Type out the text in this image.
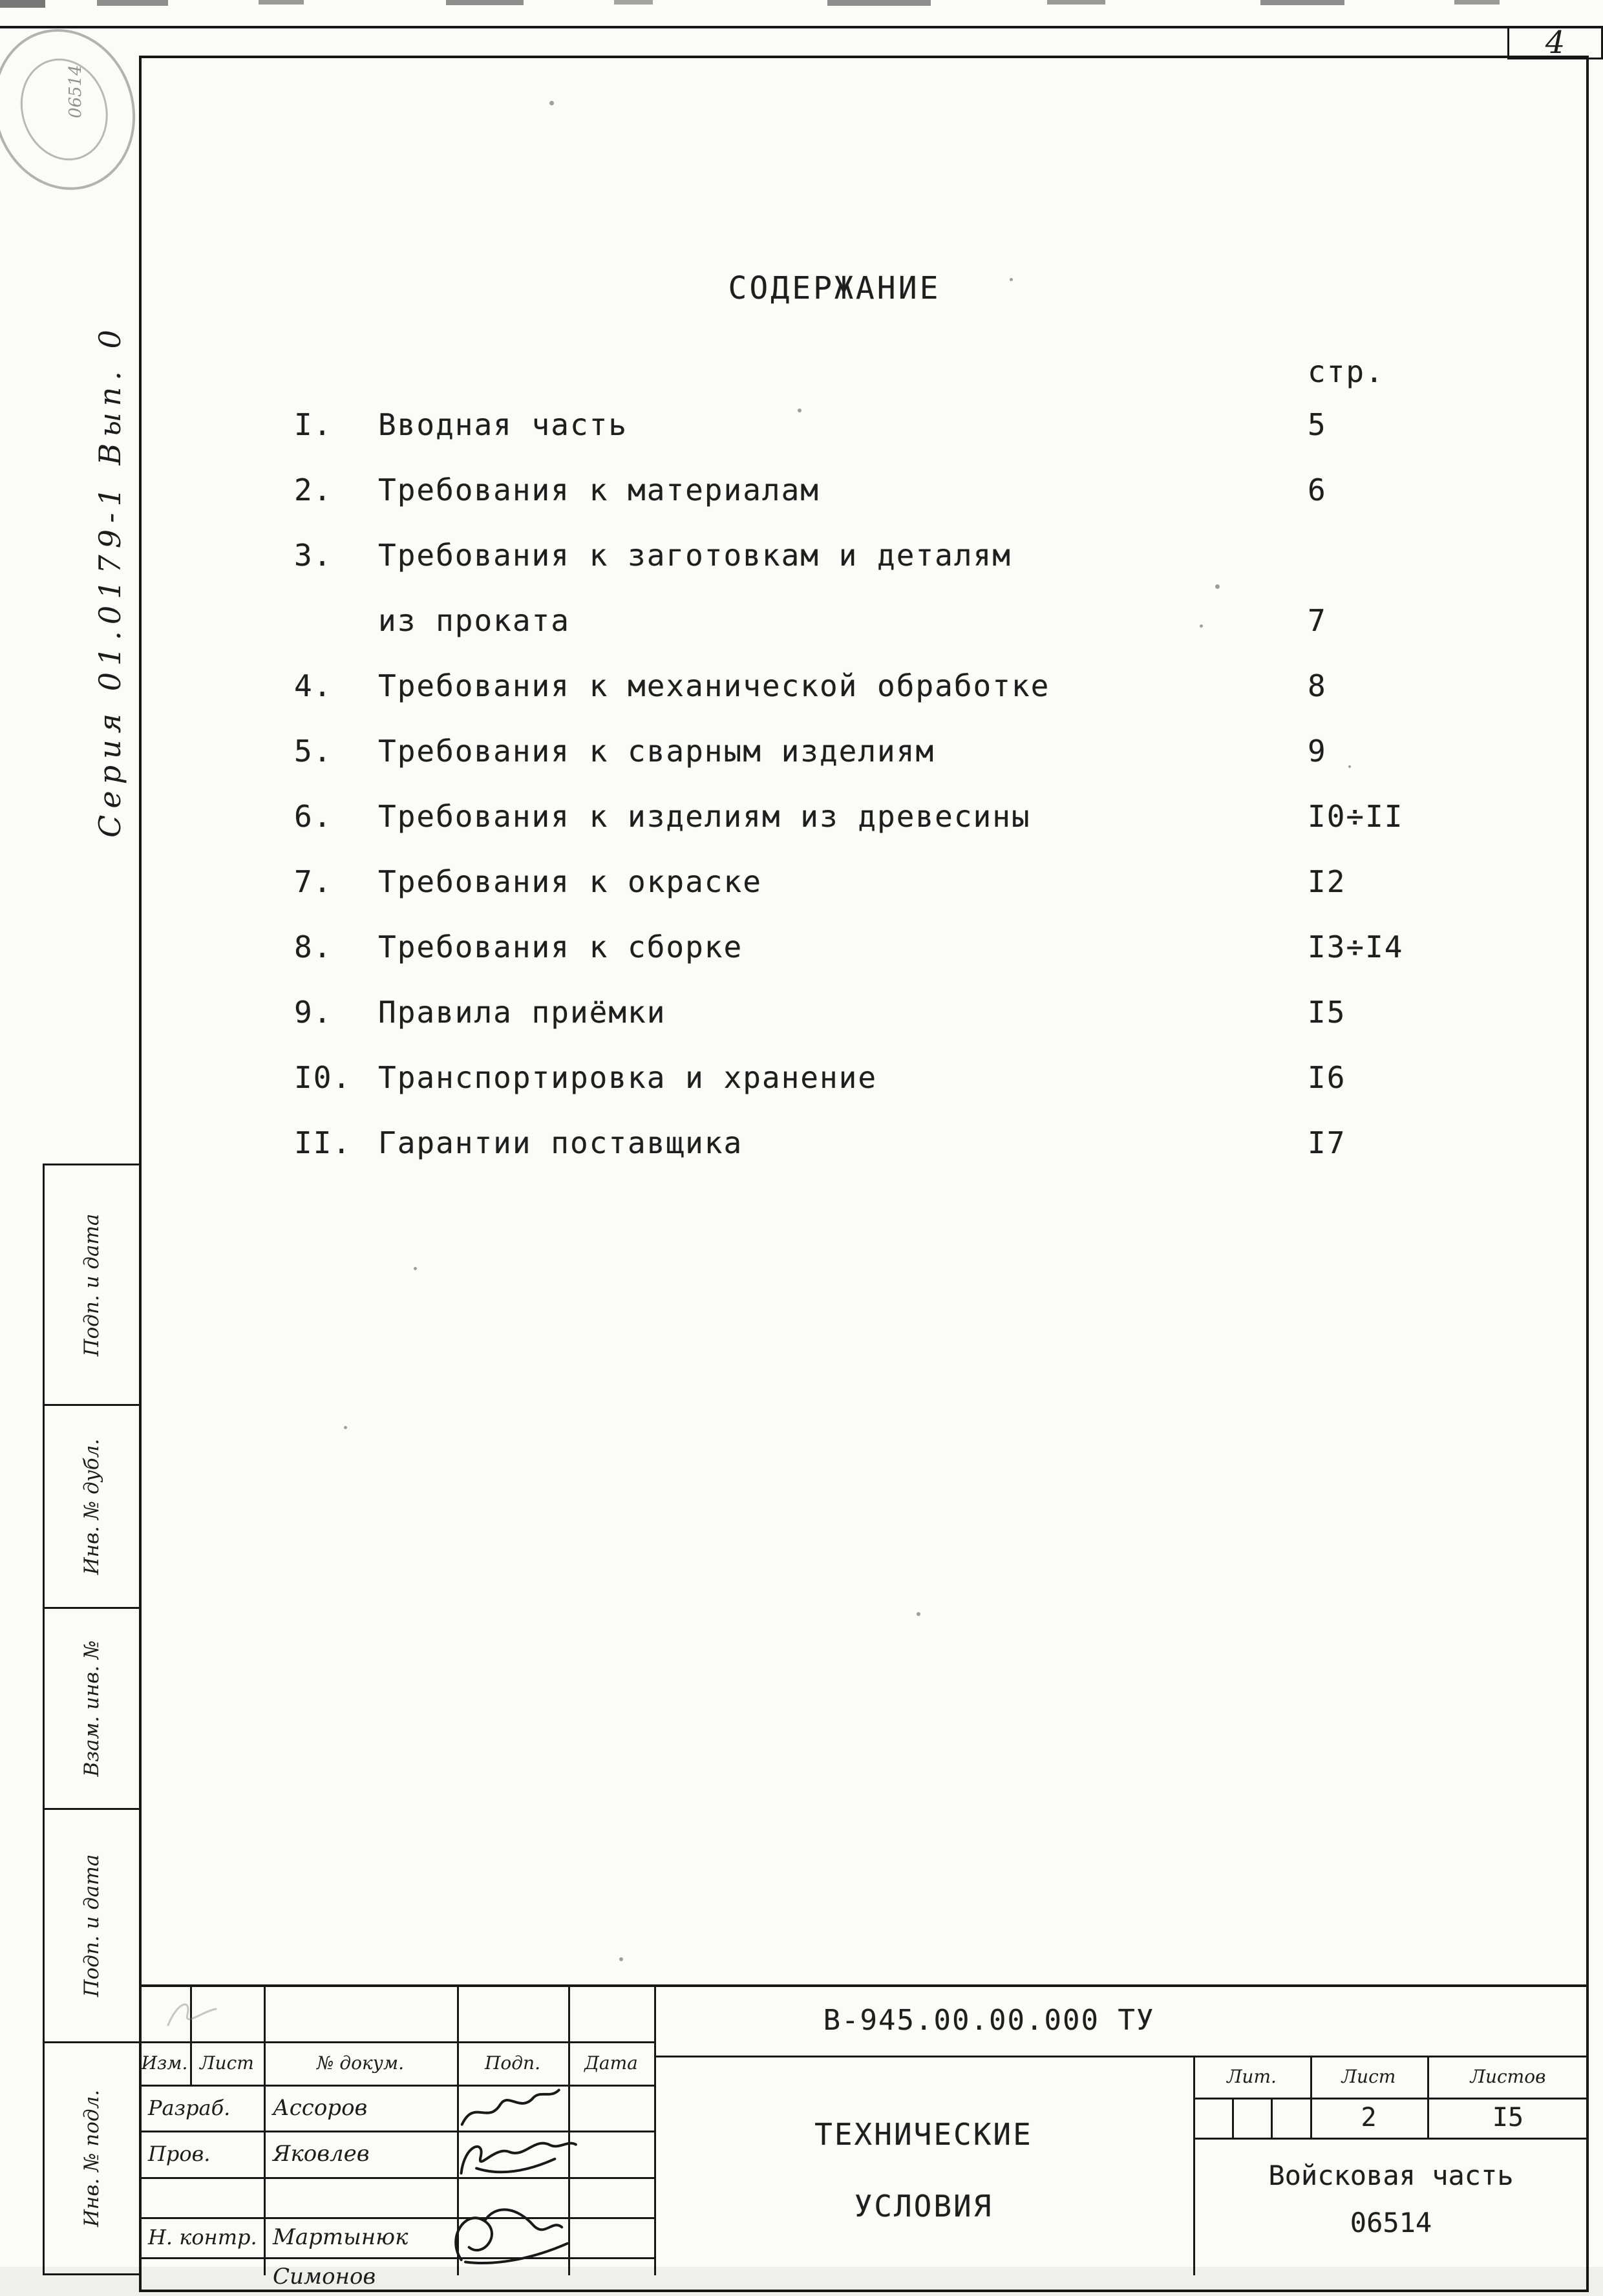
4
06514
Серия 01.0179-1 Вып. 0
Подп. и дата
Инв. № дубл.
Взам. инв. №
Подп. и дата
Инв. № подл.
СОДЕРЖАНИЕ
стр.
I.	Вводная часть	5
2.	Требования к материалам	6
3.	Требования к заготовкам и деталям
из проката	7
4.	Требования к механической обработке	8
5.	Требования к сварным изделиям	9
6.	Требования к изделиям из древесины	I0÷II
7.	Требования к окраске	I2
8.	Требования к сборке	I3÷I4
9.	Правила приёмки	I5
I0. Транспортировка и хранение	I6
II. Гарантии поставщика	I7
Изм. Лист	№ докум.	Подп.	Дата
Разраб.	Ассоров
Пров.	Яковлев
Н. контр. Мартынюк
Симонов
В-945.00.00.000 ТУ
ТЕХНИЧЕСКИЕ
УСЛОВИЯ
Лит.	Лист	Листов
2	I5
Войсковая часть
06514
